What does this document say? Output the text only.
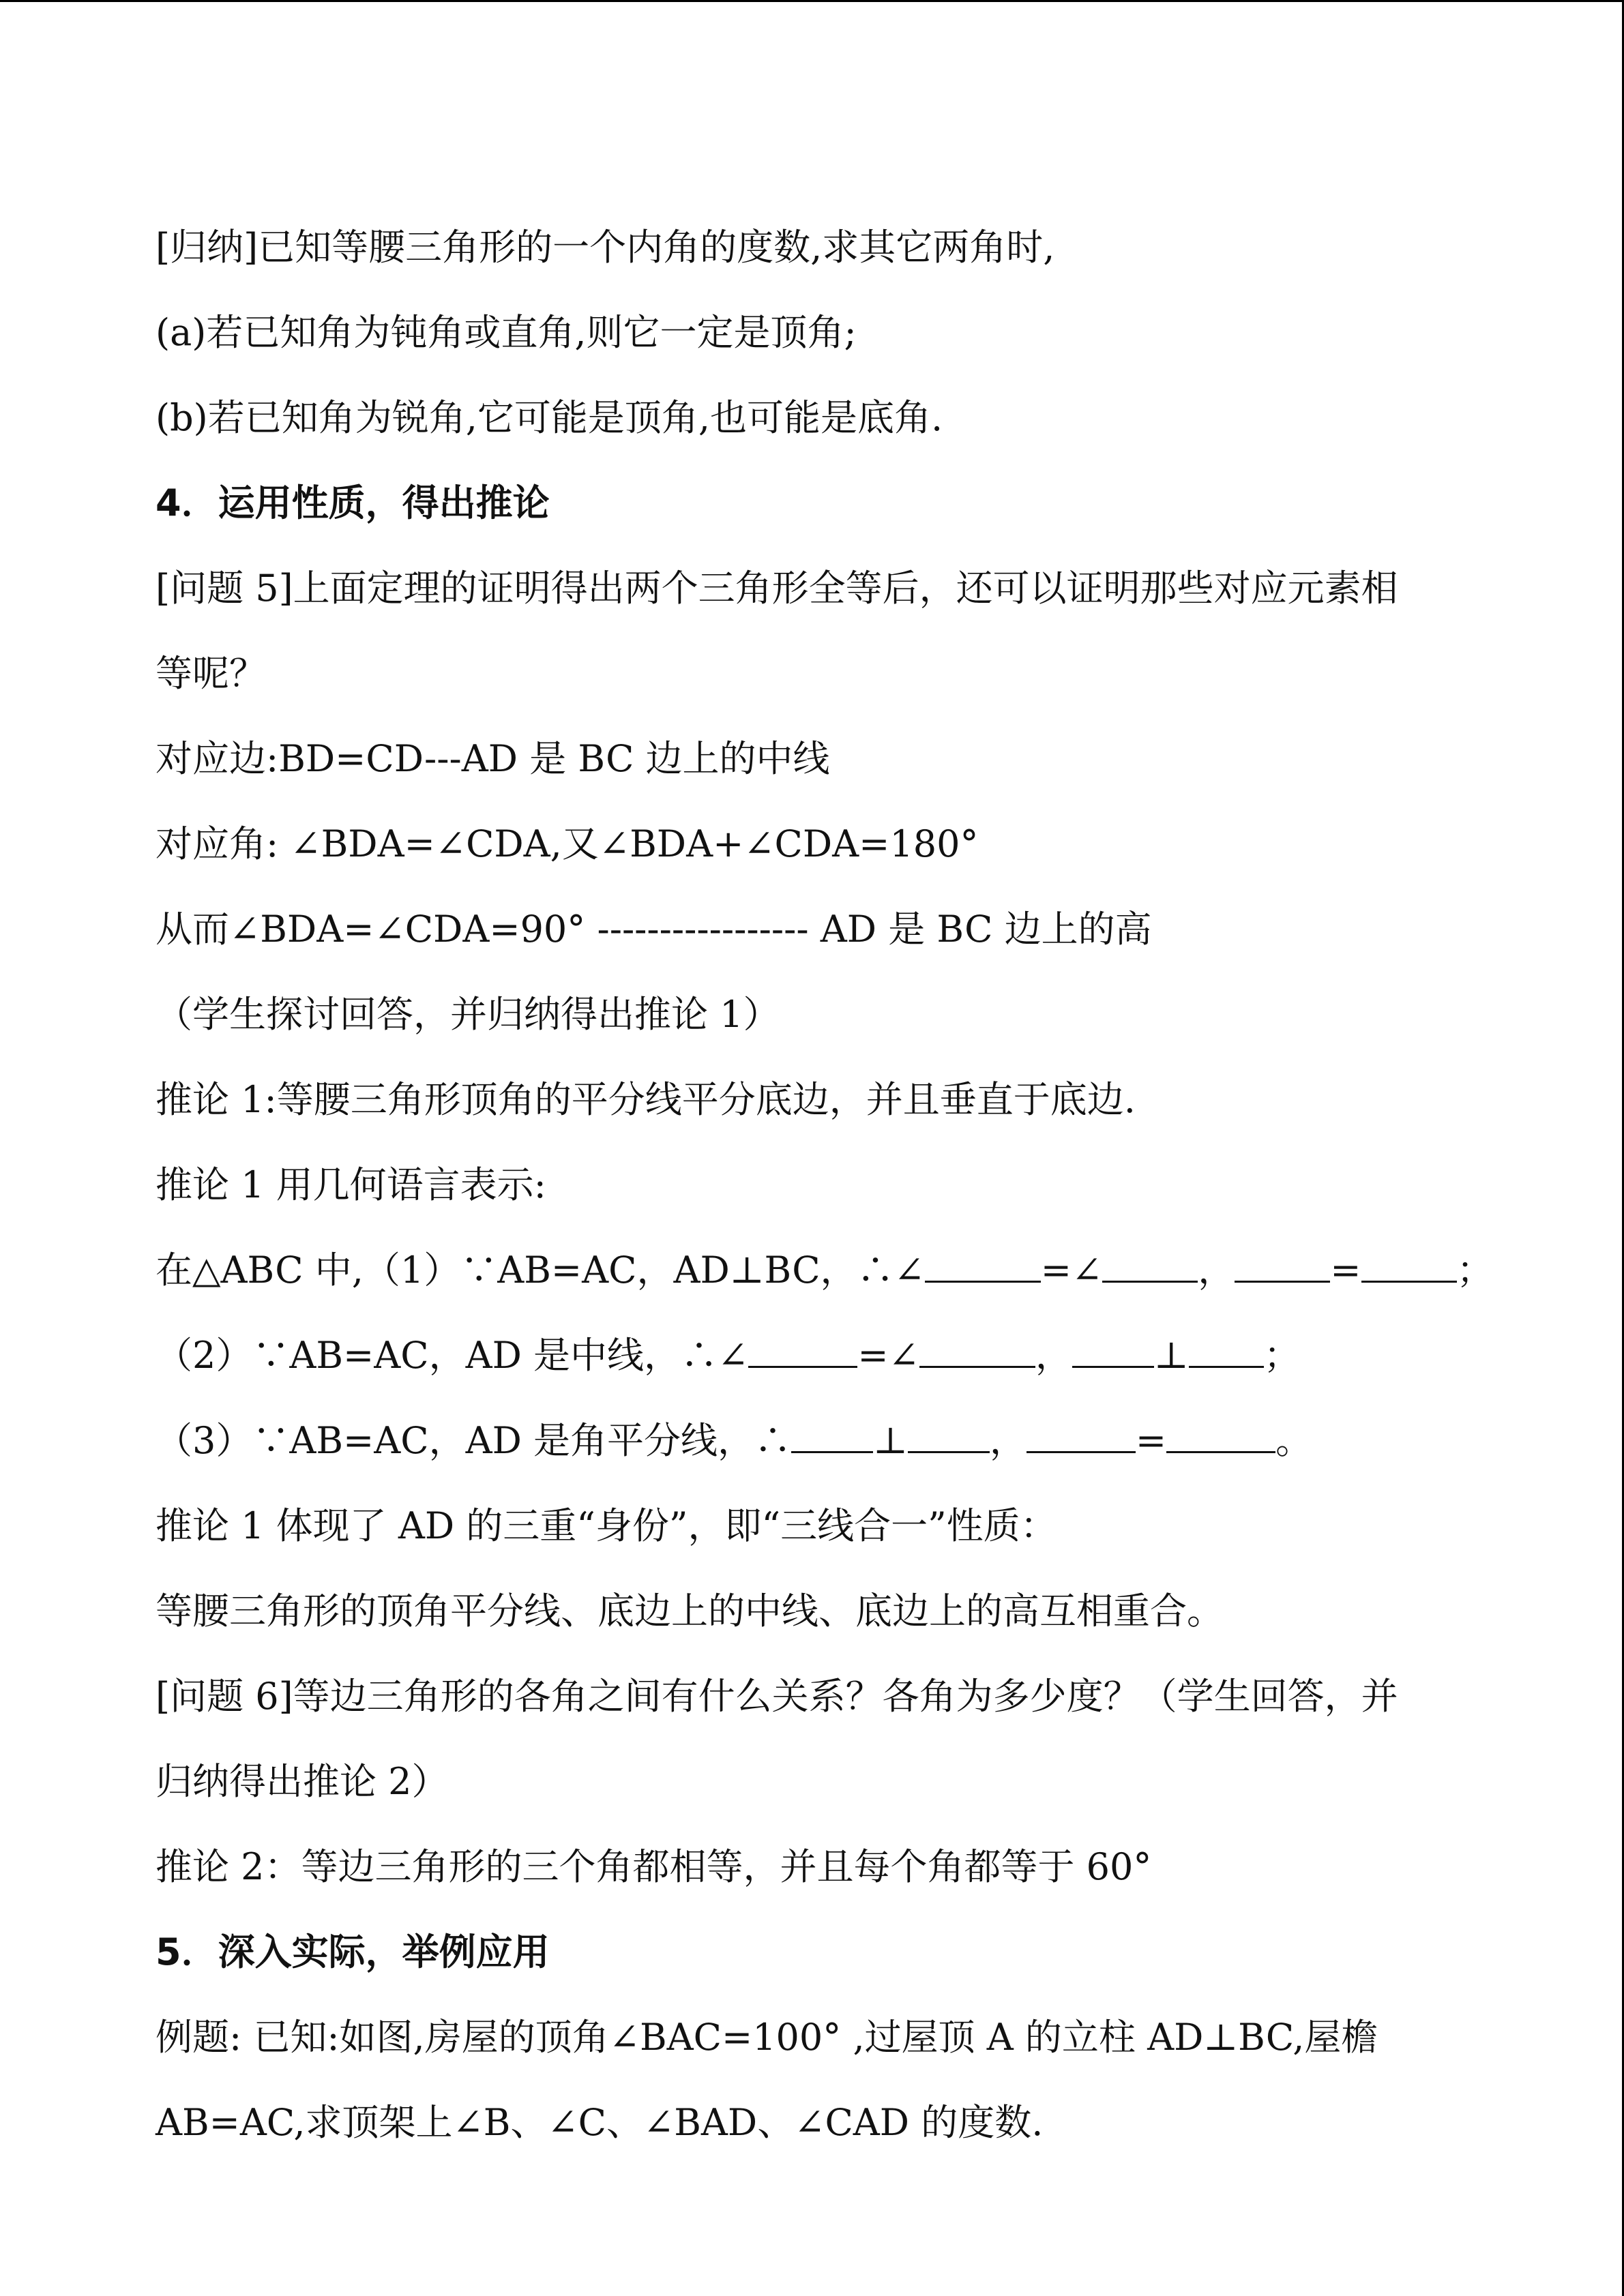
[归纳]已知等腰三角形的一个内角的度数,求其它两角时,
(a)若已知角为钝角或直角,则它一定是顶角;
(b)若已知角为锐角,它可能是顶角,也可能是底角.
4．运用性质，得出推论
[问题 5]上面定理的证明得出两个三角形全等后，还可以证明那些对应元素相
等呢？
对应边:BD=CD---AD 是 BC 边上的中线
对应角: ∠BDA=∠CDA,又∠BDA+∠CDA=180°
从而∠BDA=∠CDA=90° ----------------- AD 是 BC 边上的高
（学生探讨回答，并归纳得出推论 1）
推论 1:等腰三角形顶角的平分线平分底边，并且垂直于底边.
推论 1 用几何语言表示:
在△ABC 中,（1）∵AB=AC，AD⊥BC，∴∠	=∠	，	=	；
（2）∵AB=AC，AD 是中线，∴∠	=∠	， ⊥ ；
（3）∵AB=AC，AD 是角平分线，∴ ⊥ ，	=	。
推论 1 体现了 AD 的三重“身份”，即“三线合一”性质：
等腰三角形的顶角平分线、底边上的中线、底边上的高互相重合。
[问题 6]等边三角形的各角之间有什么关系？各角为多少度？（学生回答，并
归纳得出推论 2）
推论 2：等边三角形的三个角都相等，并且每个角都等于 60°
5．深入实际，举例应用
例题: 已知:如图,房屋的顶角∠BAC=100° ,过屋顶 A 的立柱 AD⊥BC,屋檐
AB=AC,求顶架上∠B、∠C、∠BAD、∠CAD 的度数.
